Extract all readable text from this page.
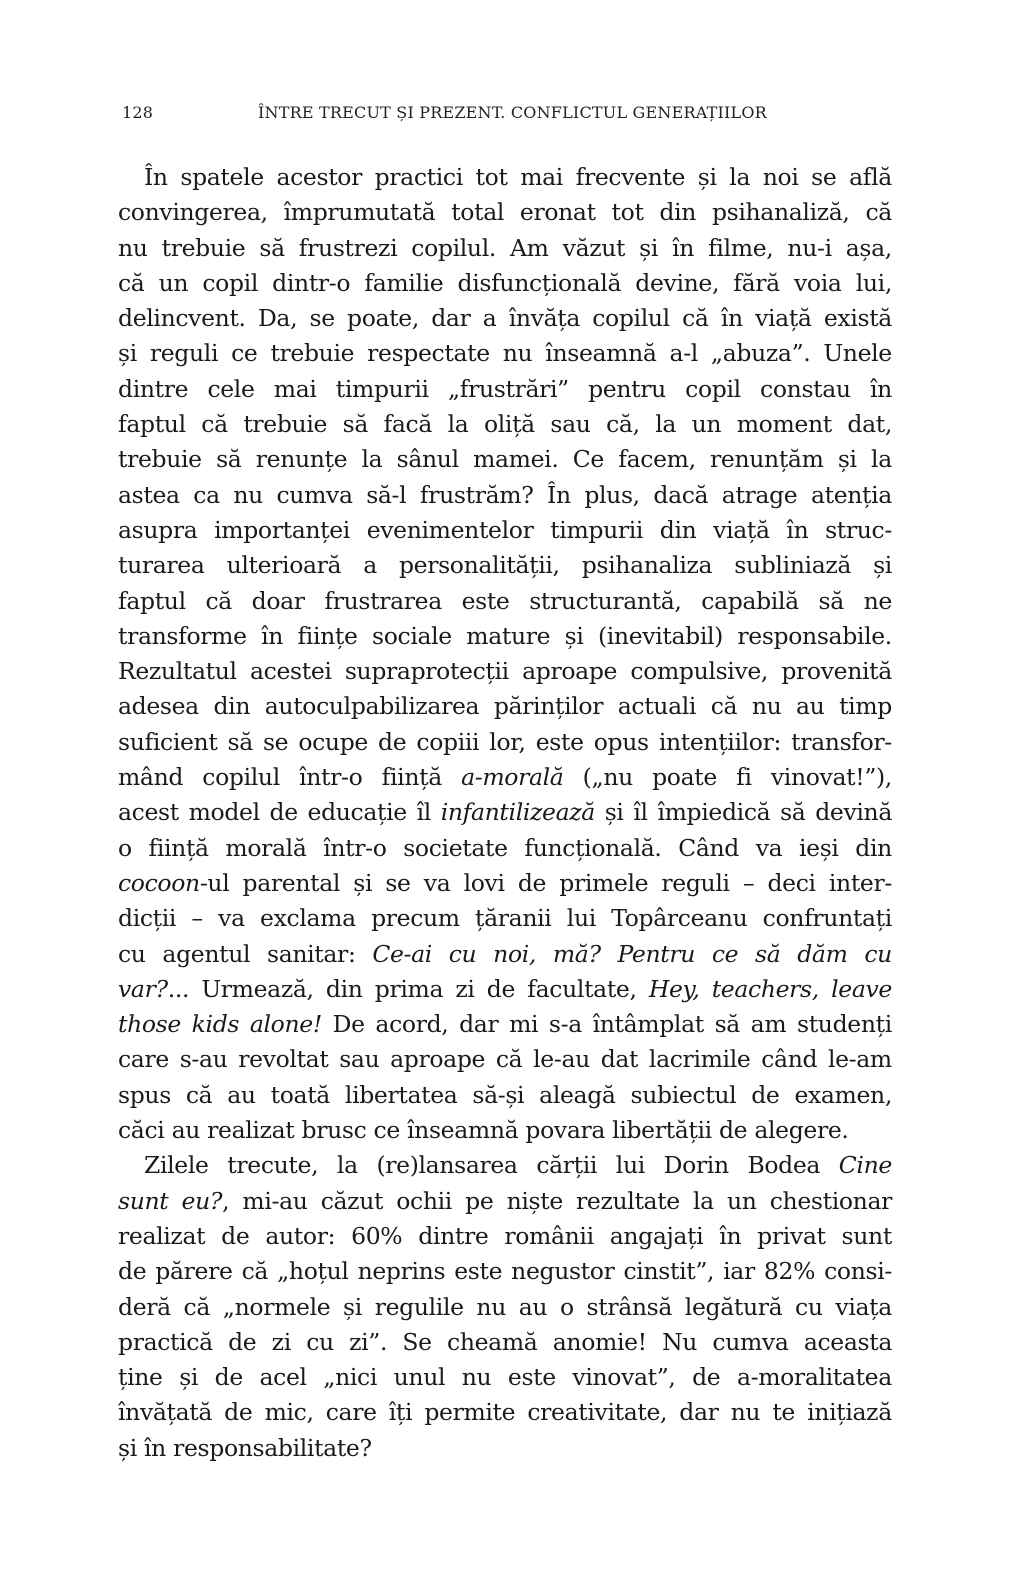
128	ÎNTRE TRECUT ȘI PREZENT. CONFLICTUL GENERAȚIILOR
În spatele acestor practici tot mai frecvente și la noi se află
convingerea, împrumutată total eronat tot din psihanaliză, că
nu trebuie să frustrezi copilul. Am văzut și în filme, nu-i așa,
că un copil dintr-o familie disfuncțională devine, fără voia lui,
delincvent. Da, se poate, dar a învăța copilul că în viață există
și reguli ce trebuie respectate nu înseamnă a-l „abuza”. Unele
dintre cele mai timpurii „frustrări” pentru copil constau în
faptul că trebuie să facă la oliță sau că, la un moment dat,
trebuie să renunțe la sânul mamei. Ce facem, renunțăm și la
astea ca nu cumva să-l frustrăm? În plus, dacă atrage atenția
asupra importanței evenimentelor timpurii din viață în struc-
turarea ulterioară a personalității, psihanaliza subliniază și
faptul că doar frustrarea este structurantă, capabilă să ne
transforme în ființe sociale mature și (inevitabil) responsabile.
Rezultatul acestei supraprotecții aproape compulsive, provenită
adesea din autoculpabilizarea părinților actuali că nu au timp
suficient să se ocupe de copiii lor, este opus intențiilor: transfor-
mând copilul într-o ființă a-morală („nu poate fi vinovat!”),
acest model de educație îl infantilizează și îl împiedică să devină
o ființă morală într-o societate funcțională. Când va ieși din
cocoon-ul parental și se va lovi de primele reguli – deci inter-
dicții – va exclama precum țăranii lui Topârceanu confruntați
cu agentul sanitar: Ce-ai cu noi, mă? Pentru ce să dăm cu
var?... Urmează, din prima zi de facultate, Hey, teachers, leave
those kids alone! De acord, dar mi s-a întâmplat să am studenți
care s-au revoltat sau aproape că le-au dat lacrimile când le-am
spus că au toată libertatea să-și aleagă subiectul de examen,
căci au realizat brusc ce înseamnă povara libertății de alegere.
Zilele trecute, la (re)lansarea cărții lui Dorin Bodea Cine
sunt eu?, mi-au căzut ochii pe niște rezultate la un chestionar
realizat de autor: 60% dintre românii angajați în privat sunt
de părere că „hoțul neprins este negustor cinstit”, iar 82% consi-
deră că „normele și regulile nu au o strânsă legătură cu viața
practică de zi cu zi”. Se cheamă anomie! Nu cumva aceasta
ține și de acel „nici unul nu este vinovat”, de a-moralitatea
învățată de mic, care îți permite creativitate, dar nu te inițiază
și în responsabilitate?
